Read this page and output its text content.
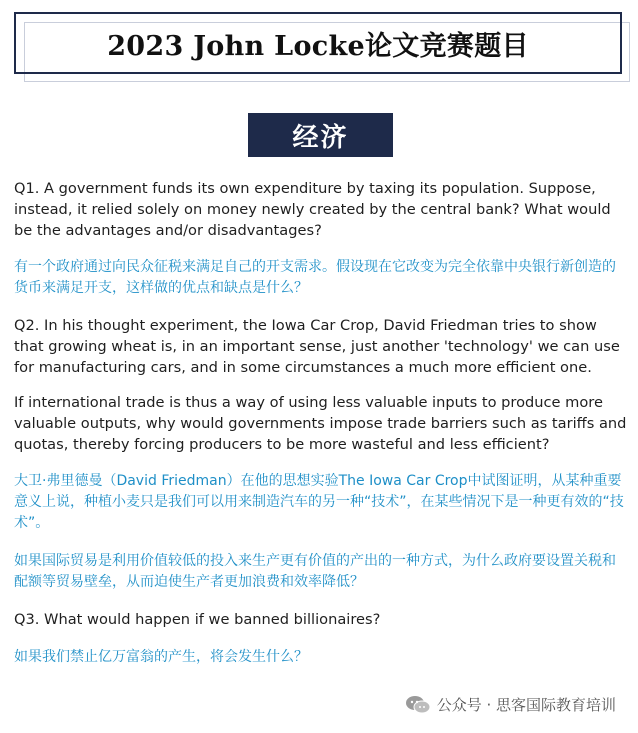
2023 John Locke论文竞赛题目
经济

Q1. A government funds its own expenditure by taxing its population. Suppose, instead, it relied solely on money newly created by the central bank? What would be the advantages and/or disadvantages?

有一个政府通过向民众征税来满足自己的开支需求。假设现在它改变为完全依靠中央银行新创造的货币来满足开支，这样做的优点和缺点是什么？

Q2. In his thought experiment, the Iowa Car Crop, David Friedman tries to show that growing wheat is, in an important sense, just another 'technology' we can use for manufacturing cars, and in some circumstances a much more efficient one.

If international trade is thus a way of using less valuable inputs to produce more valuable outputs, why would governments impose trade barriers such as tariffs and quotas, thereby forcing producers to be more wasteful and less efficient?

大卫·弗里德曼（David Friedman）在他的思想实验The Iowa Car Crop中试图证明，从某种重要意义上说，种植小麦只是我们可以用来制造汽车的另一种“技术”，在某些情况下是一种更有效的“技术”。

如果国际贸易是利用价值较低的投入来生产更有价值的产出的一种方式，为什么政府要设置关税和配额等贸易壁垒，从而迫使生产者更加浪费和效率降低？

Q3. What would happen if we banned billionaires?

如果我们禁止亿万富翁的产生，将会发生什么？

公众号 · 思客国际教育培训
